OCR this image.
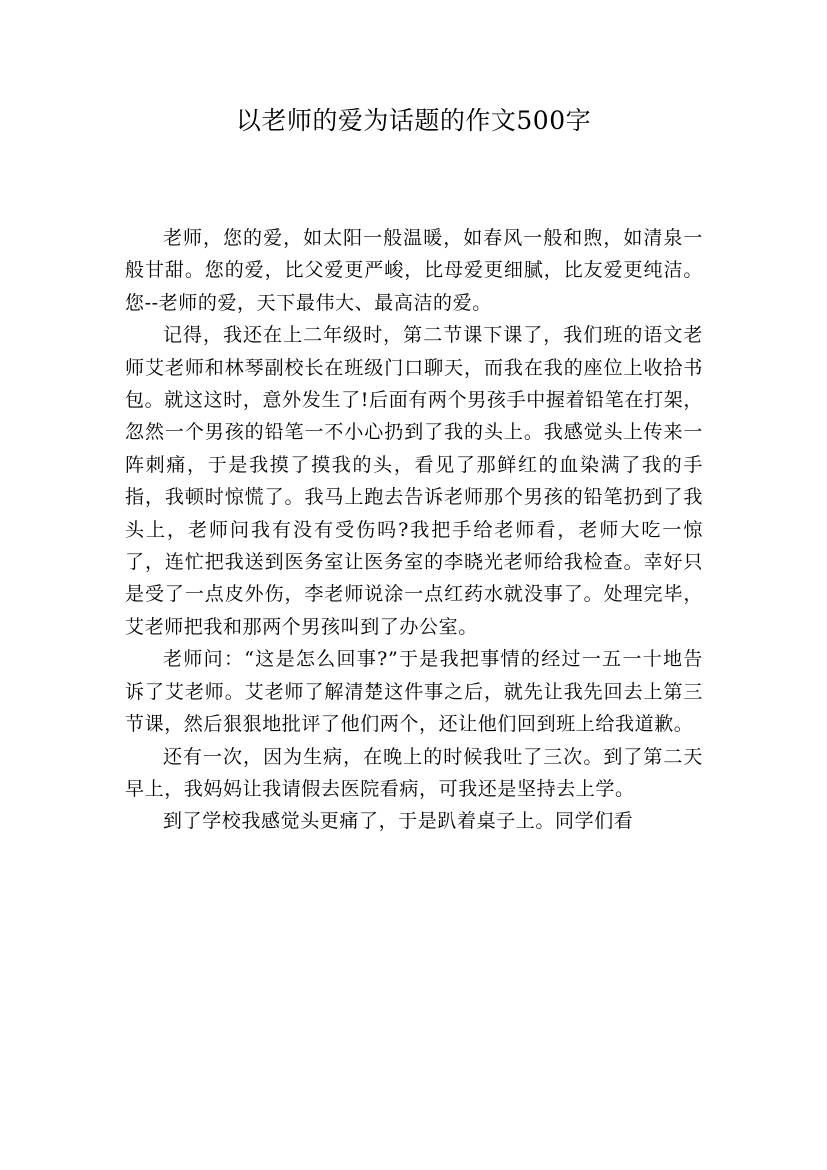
以老师的爱为话题的作文500字

老师，您的爱，如太阳一般温暖，如春风一般和煦，如清泉一般甘甜。您的爱，比父爱更严峻，比母爱更细腻，比友爱更纯洁。您--老师的爱，天下最伟大、最高洁的爱。

记得，我还在上二年级时，第二节课下课了，我们班的语文老师艾老师和林琴副校长在班级门口聊天，而我在我的座位上收拾书包。就这这时，意外发生了!后面有两个男孩手中握着铅笔在打架，忽然一个男孩的铅笔一不小心扔到了我的头上。我感觉头上传来一阵刺痛，于是我摸了摸我的头，看见了那鲜红的血染满了我的手指，我顿时惊慌了。我马上跑去告诉老师那个男孩的铅笔扔到了我头上，老师问我有没有受伤吗?我把手给老师看，老师大吃一惊了，连忙把我送到医务室让医务室的李晓光老师给我检查。幸好只是受了一点皮外伤，李老师说涂一点红药水就没事了。处理完毕，艾老师把我和那两个男孩叫到了办公室。

老师问：“这是怎么回事?”于是我把事情的经过一五一十地告诉了艾老师。艾老师了解清楚这件事之后，就先让我先回去上第三节课，然后狠狠地批评了他们两个，还让他们回到班上给我道歉。

还有一次，因为生病，在晚上的时候我吐了三次。到了第二天早上，我妈妈让我请假去医院看病，可我还是坚持去上学。

到了学校我感觉头更痛了，于是趴着桌子上。同学们看
